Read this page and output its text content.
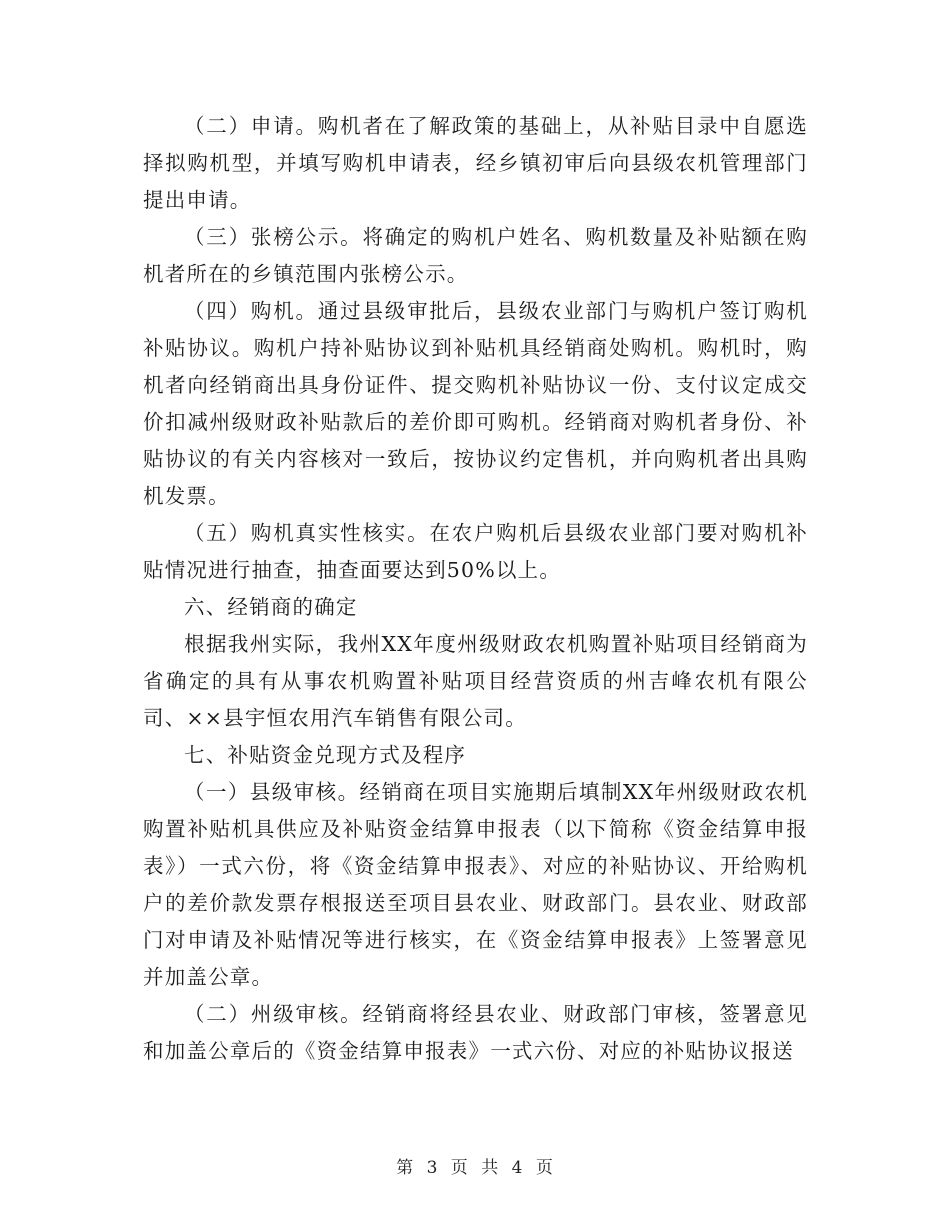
（二）申请。购机者在了解政策的基础上，从补贴目录中自愿选择拟购机型，并填写购机申请表，经乡镇初审后向县级农机管理部门提出申请。

（三）张榜公示。将确定的购机户姓名、购机数量及补贴额在购机者所在的乡镇范围内张榜公示。

（四）购机。通过县级审批后，县级农业部门与购机户签订购机补贴协议。购机户持补贴协议到补贴机具经销商处购机。购机时，购机者向经销商出具身份证件、提交购机补贴协议一份、支付议定成交价扣减州级财政补贴款后的差价即可购机。经销商对购机者身份、补贴协议的有关内容核对一致后，按协议约定售机，并向购机者出具购机发票。

（五）购机真实性核实。在农户购机后县级农业部门要对购机补贴情况进行抽查，抽查面要达到50%以上。

六、经销商的确定

根据我州实际，我州XX年度州级财政农机购置补贴项目经销商为省确定的具有从事农机购置补贴项目经营资质的州吉峰农机有限公司、××县宇恒农用汽车销售有限公司。

七、补贴资金兑现方式及程序

（一）县级审核。经销商在项目实施期后填制XX年州级财政农机购置补贴机具供应及补贴资金结算申报表（以下简称《资金结算申报表》）一式六份，将《资金结算申报表》、对应的补贴协议、开给购机户的差价款发票存根报送至项目县农业、财政部门。县农业、财政部门对申请及补贴情况等进行核实，在《资金结算申报表》上签署意见并加盖公章。

（二）州级审核。经销商将经县农业、财政部门审核，签署意见和加盖公章后的《资金结算申报表》一式六份、对应的补贴协议报送

第 3 页 共 4 页
